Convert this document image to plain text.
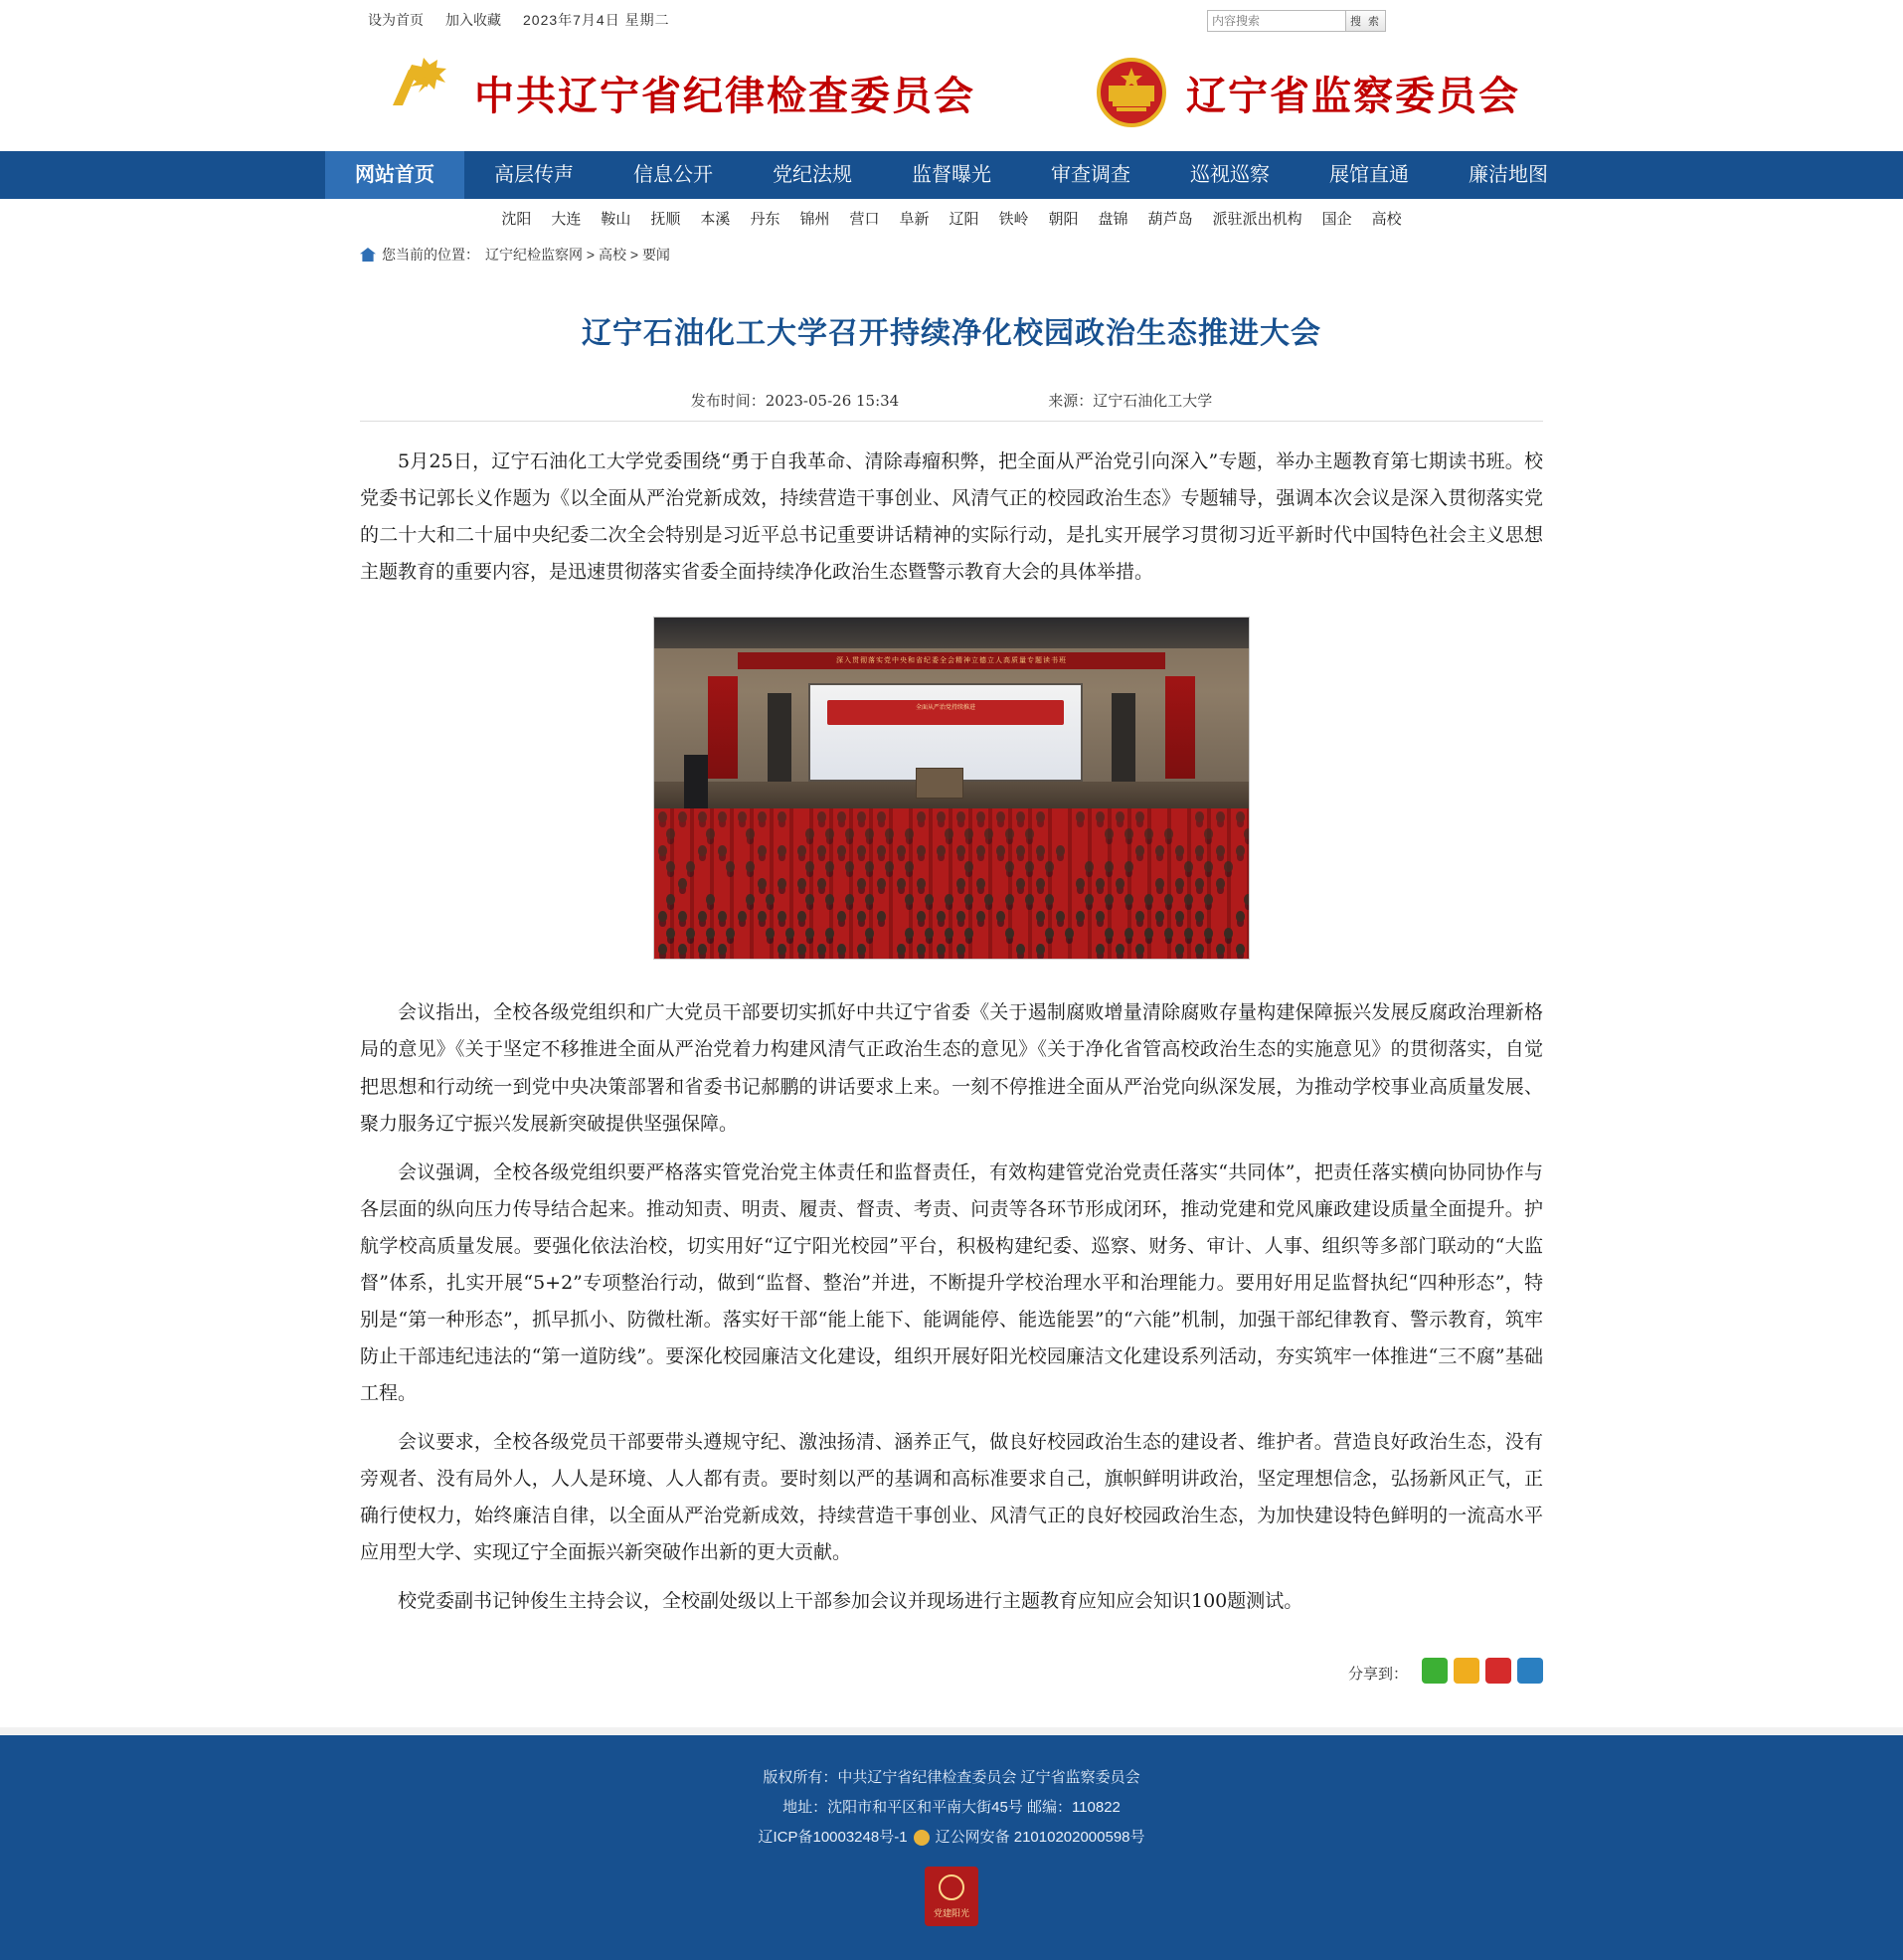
设为首页 加入收藏 2023年7月4日 星期二
内容搜索	搜 索
中共辽宁省纪律检查委员会	辽宁省监察委员会
网站首页	高层传声	信息公开	党纪法规	监督曝光	审查调查	巡视巡察	展馆直通	廉洁地图
沈阳 大连 鞍山 抚顺 本溪 丹东 锦州 营口 阜新 辽阳 铁岭 朝阳 盘锦 葫芦岛 派驻派出机构 国企 高校
您当前的位置： 辽宁纪检监察网 > 高校 > 要闻
辽宁石油化工大学召开持续净化校园政治生态推进大会
发布时间：2023-05-26 15:34	来源：辽宁石油化工大学

5月25日，辽宁石油化工大学党委围绕“勇于自我革命、清除毒瘤积弊，把全面从严治党引向深入”专题，举办主题教育第七期读书班。校党委书记郭长义作题为《以全面从严治党新成效，持续营造干事创业、风清气正的校园政治生态》专题辅导，强调本次会议是深入贯彻落实党的二十大和二十届中央纪委二次全会特别是习近平总书记重要讲话精神的实际行动，是扎实开展学习贯彻习近平新时代中国特色社会主义思想主题教育的重要内容，是迅速贯彻落实省委全面持续净化政治生态暨警示教育大会的具体举措。

深入贯彻落实党中央和省纪委全会精神立德立人高质量专题读书班
全面从严治党持续推进

会议指出，全校各级党组织和广大党员干部要切实抓好中共辽宁省委《关于遏制腐败增量清除腐败存量构建保障振兴发展反腐政治理新格局的意见》《关于坚定不移推进全面从严治党着力构建风清气正政治生态的意见》《关于净化省管高校政治生态的实施意见》的贯彻落实，自觉把思想和行动统一到党中央决策部署和省委书记郝鹏的讲话要求上来。一刻不停推进全面从严治党向纵深发展，为推动学校事业高质量发展、聚力服务辽宁振兴发展新突破提供坚强保障。

会议强调，全校各级党组织要严格落实管党治党主体责任和监督责任，有效构建管党治党责任落实“共同体”，把责任落实横向协同协作与各层面的纵向压力传导结合起来。推动知责、明责、履责、督责、考责、问责等各环节形成闭环，推动党建和党风廉政建设质量全面提升。护航学校高质量发展。要强化依法治校，切实用好“辽宁阳光校园”平台，积极构建纪委、巡察、财务、审计、人事、组织等多部门联动的“大监督”体系，扎实开展“5+2”专项整治行动，做到“监督、整治”并进，不断提升学校治理水平和治理能力。要用好用足监督执纪“四种形态”，特别是“第一种形态”，抓早抓小、防微杜渐。落实好干部“能上能下、能调能停、能选能罢”的“六能”机制，加强干部纪律教育、警示教育，筑牢防止干部违纪违法的“第一道防线”。要深化校园廉洁文化建设，组织开展好阳光校园廉洁文化建设系列活动，夯实筑牢一体推进“三不腐”基础工程。

会议要求，全校各级党员干部要带头遵规守纪、激浊扬清、涵养正气，做良好校园政治生态的建设者、维护者。营造良好政治生态，没有旁观者、没有局外人，人人是环境、人人都有责。要时刻以严的基调和高标准要求自己，旗帜鲜明讲政治，坚定理想信念，弘扬新风正气，正确行使权力，始终廉洁自律，以全面从严治党新成效，持续营造干事创业、风清气正的良好校园政治生态，为加快建设特色鲜明的一流高水平应用型大学、实现辽宁全面振兴新突破作出新的更大贡献。

校党委副书记钟俊生主持会议，全校副处级以上干部参加会议并现场进行主题教育应知应会知识100题测试。

分享到：
版权所有：中共辽宁省纪律检查委员会 辽宁省监察委员会
地址：沈阳市和平区和平南大街45号 邮编：110822
辽ICP备10003248号-1 辽公网安备 21010202000598号
党建阳光
